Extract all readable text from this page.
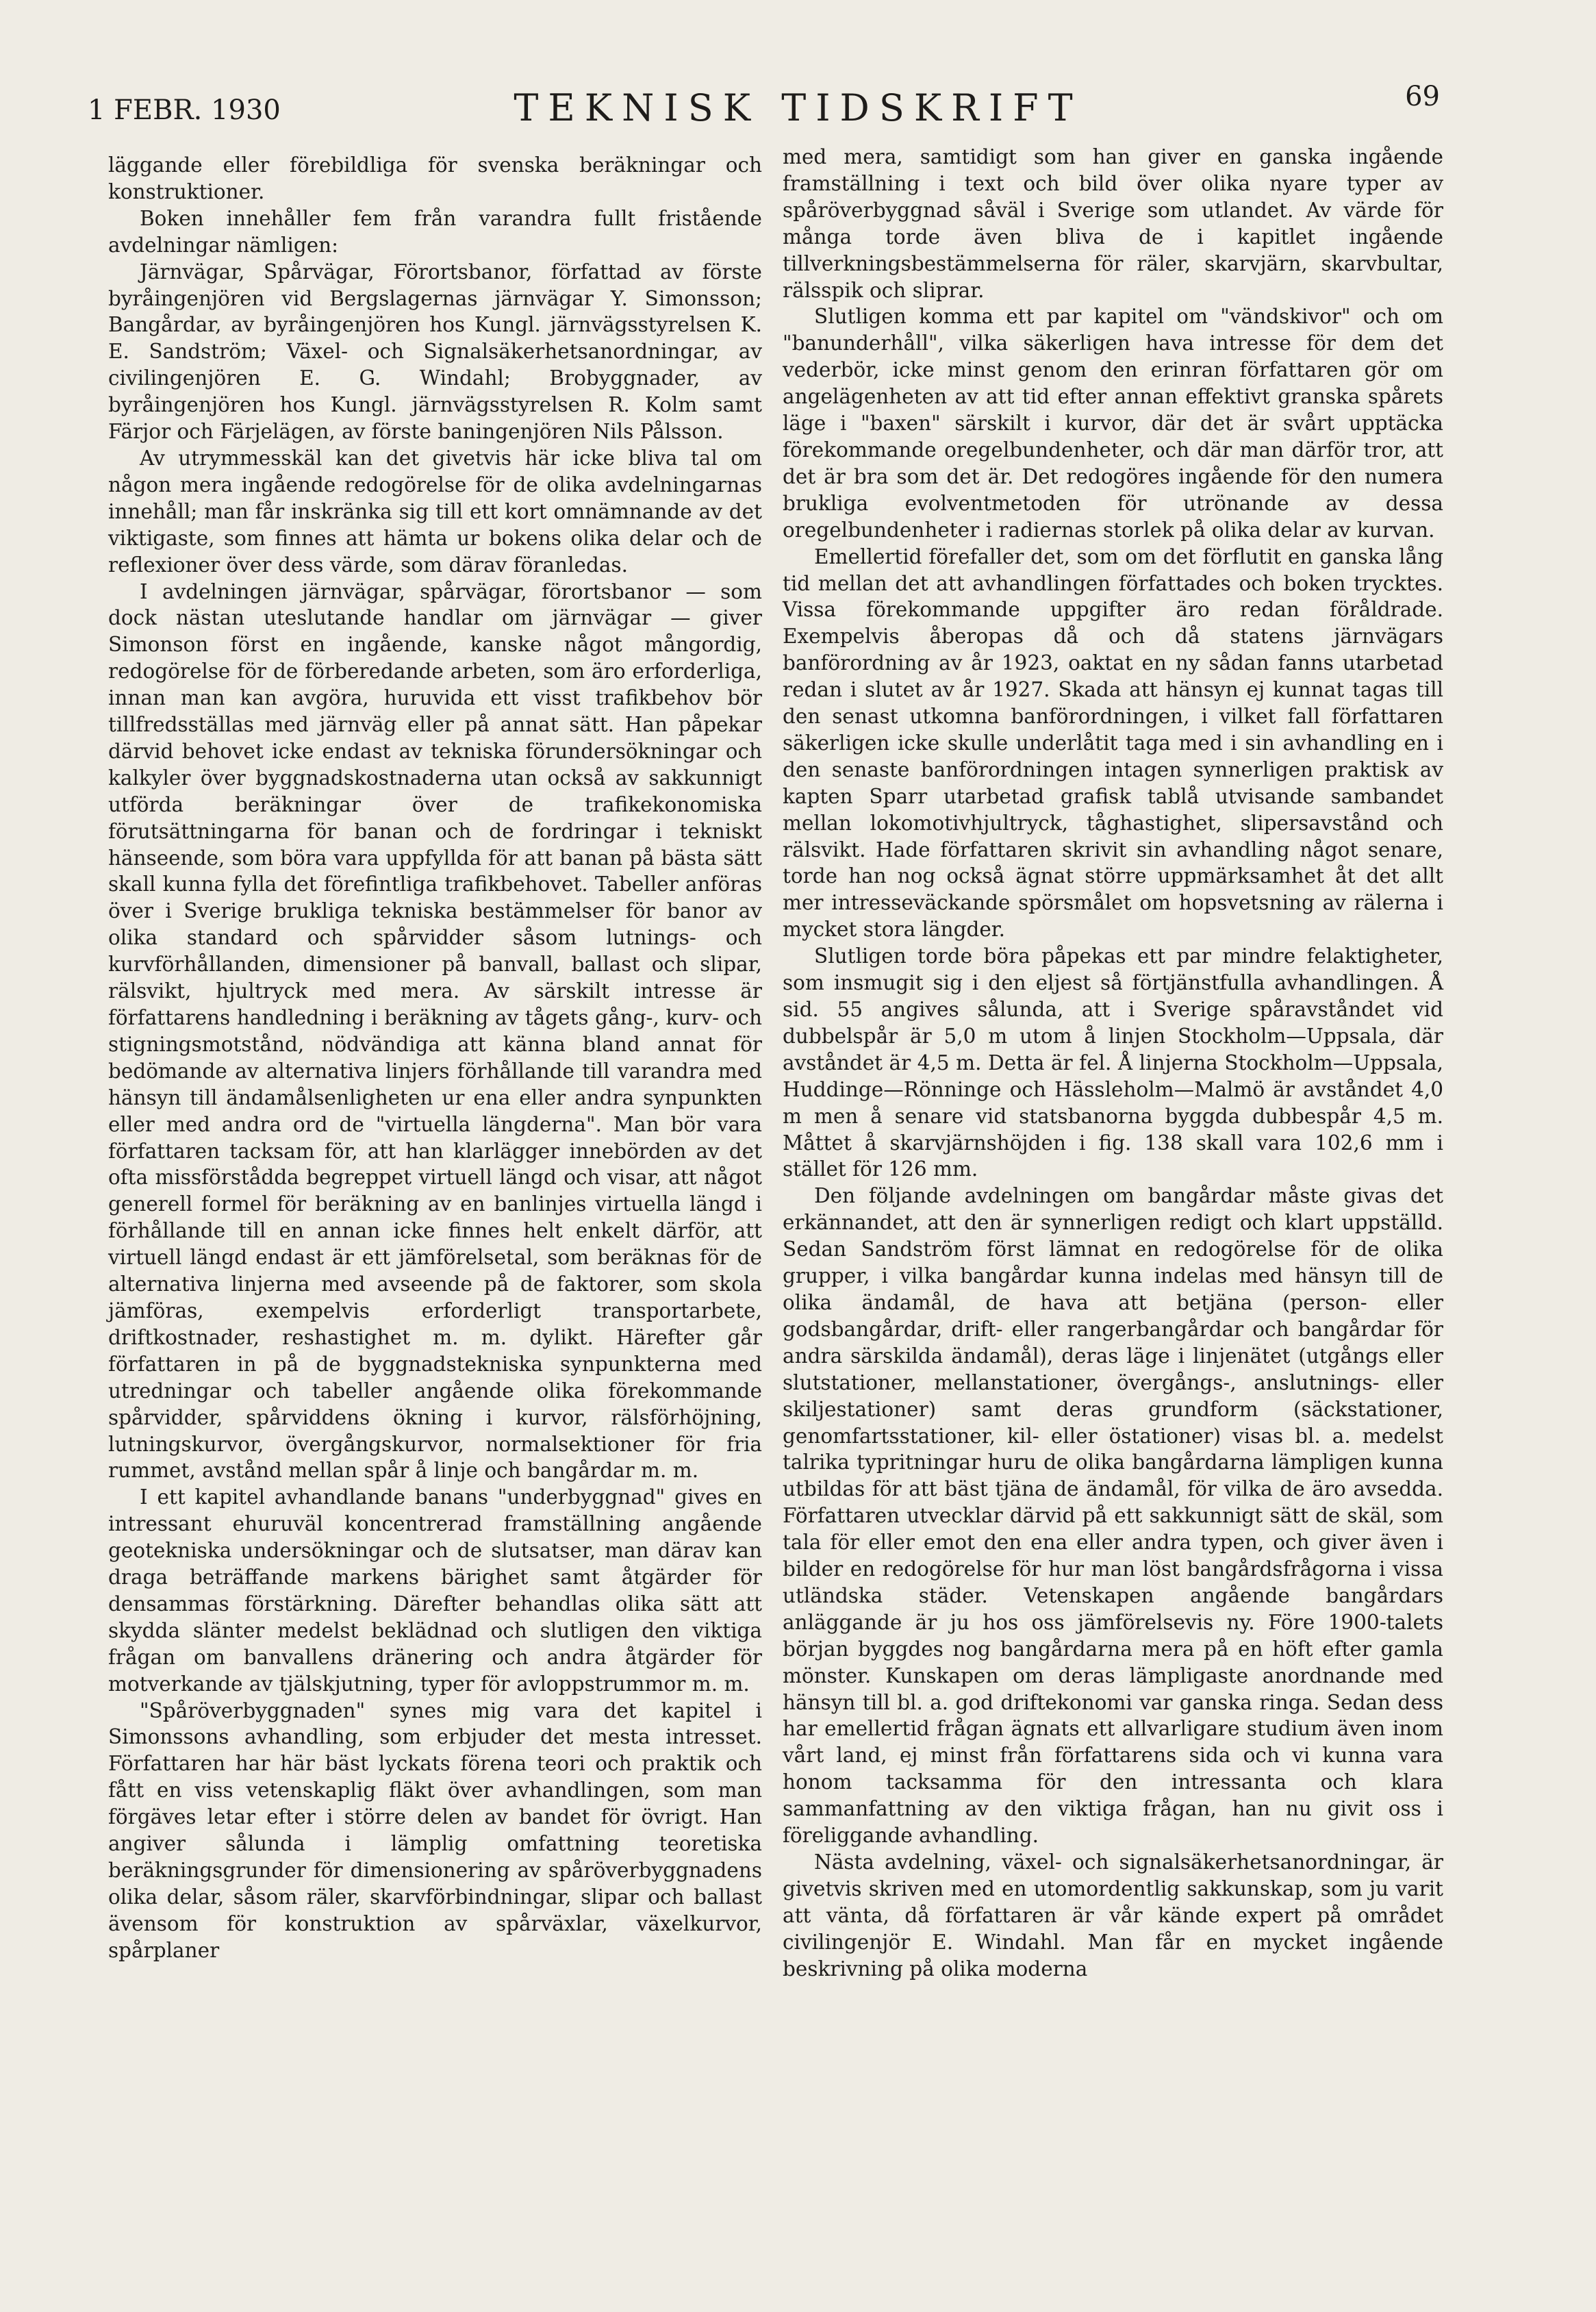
1 FEBR. 1930	TEKNISK TIDSKRIFT	69

läggande eller förebildliga för svenska beräkningar och konstruktioner.

Boken innehåller fem från varandra fullt fristående avdelningar nämligen:

Järnvägar, Spårvägar, Förortsbanor, författad av förste byråingenjören vid Bergslagernas järnvägar Y. Simonsson; Bangårdar, av byråingenjören hos Kungl. järnvägsstyrelsen K. E. Sandström; Växel- och Signalsäkerhetsanordningar, av civilingenjören E. G. Windahl; Brobyggnader, av byråingenjören hos Kungl. järnvägsstyrelsen R. Kolm samt Färjor och Färjelägen, av förste baningenjören Nils Pålsson.

Av utrymmesskäl kan det givetvis här icke bliva tal om någon mera ingående redogörelse för de olika avdelningarnas innehåll; man får inskränka sig till ett kort omnämnande av det viktigaste, som finnes att hämta ur bokens olika delar och de reflexioner över dess värde, som därav föranledas.

I avdelningen järnvägar, spårvägar, förortsbanor — som dock nästan uteslutande handlar om järnvägar — giver Simonson först en ingående, kanske något mångordig, redogörelse för de förberedande arbeten, som äro erforderliga, innan man kan avgöra, huruvida ett visst trafikbehov bör tillfredsställas med järnväg eller på annat sätt. Han påpekar därvid behovet icke endast av tekniska förundersökningar och kalkyler över byggnadskostnaderna utan också av sakkunnigt utförda beräkningar över de trafikekonomiska förutsättningarna för banan och de fordringar i tekniskt hänseende, som böra vara uppfyllda för att banan på bästa sätt skall kunna fylla det förefintliga trafikbehovet. Tabeller anföras över i Sverige brukliga tekniska bestämmelser för banor av olika standard och spårvidder såsom lutnings- och kurvförhållanden, dimensioner på banvall, ballast och slipar, rälsvikt, hjultryck med mera. Av särskilt intresse är författarens handledning i beräkning av tågets gång-, kurv- och stigningsmotstånd, nödvändiga att känna bland annat för bedömande av alternativa linjers förhållande till varandra med hänsyn till ändamålsenligheten ur ena eller andra synpunkten eller med andra ord de "virtuella längderna". Man bör vara författaren tacksam för, att han klarlägger innebörden av det ofta missförstådda begreppet virtuell längd och visar, att något generell formel för beräkning av en banlinjes virtuella längd i förhållande till en annan icke finnes helt enkelt därför, att virtuell längd endast är ett jämförelsetal, som beräknas för de alternativa linjerna med avseende på de faktorer, som skola jämföras, exempelvis erforderligt transportarbete, driftkostnader, reshastighet m. m. dylikt. Härefter går författaren in på de byggnadstekniska synpunkterna med utredningar och tabeller angående olika förekommande spårvidder, spårviddens ökning i kurvor, rälsförhöjning, lutningskurvor, övergångskurvor, normalsektioner för fria rummet, avstånd mellan spår å linje och bangårdar m. m.

I ett kapitel avhandlande banans "underbyggnad" gives en intressant ehuruväl koncentrerad framställning angående geotekniska undersökningar och de slutsatser, man därav kan draga beträffande markens bärighet samt åtgärder för densammas förstärkning. Därefter behandlas olika sätt att skydda slänter medelst beklädnad och slutligen den viktiga frågan om banvallens dränering och andra åtgärder för motverkande av tjälskjutning, typer för avloppstrummor m. m.

"Spåröverbyggnaden" synes mig vara det kapitel i Simonssons avhandling, som erbjuder det mesta intresset. Författaren har här bäst lyckats förena teori och praktik och fått en viss vetenskaplig fläkt över avhandlingen, som man förgäves letar efter i större delen av bandet för övrigt. Han angiver sålunda i lämplig omfattning teoretiska beräkningsgrunder för dimensionering av spåröverbyggnadens olika delar, såsom räler, skarvförbindningar, slipar och ballast ävensom för konstruktion av spårväxlar, växelkurvor, spårplaner

med mera, samtidigt som han giver en ganska ingående framställning i text och bild över olika nyare typer av spåröverbyggnad såväl i Sverige som utlandet. Av värde för många torde även bliva de i kapitlet ingående tillverkningsbestämmelserna för räler, skarvjärn, skarvbultar, rälsspik och sliprar.

Slutligen komma ett par kapitel om "vändskivor" och om "banunderhåll", vilka säkerligen hava intresse för dem det vederbör, icke minst genom den erinran författaren gör om angelägenheten av att tid efter annan effektivt granska spårets läge i "baxen" särskilt i kurvor, där det är svårt upptäcka förekommande oregelbundenheter, och där man därför tror, att det är bra som det är. Det redogöres ingående för den numera brukliga evolventmetoden för utrönande av dessa oregelbundenheter i radiernas storlek på olika delar av kurvan.

Emellertid förefaller det, som om det förflutit en ganska lång tid mellan det att avhandlingen författades och boken trycktes. Vissa förekommande uppgifter äro redan föråldrade. Exempelvis åberopas då och då statens järnvägars banförordning av år 1923, oaktat en ny sådan fanns utarbetad redan i slutet av år 1927. Skada att hänsyn ej kunnat tagas till den senast utkomna banförordningen, i vilket fall författaren säkerligen icke skulle underlåtit taga med i sin avhandling en i den senaste banförordningen intagen synnerligen praktisk av kapten Sparr utarbetad grafisk tablå utvisande sambandet mellan lokomotivhjultryck, tåghastighet, slipersavstånd och rälsvikt. Hade författaren skrivit sin avhandling något senare, torde han nog också ägnat större uppmärksamhet åt det allt mer intresseväckande spörsmålet om hopsvetsning av rälerna i mycket stora längder.

Slutligen torde böra påpekas ett par mindre felaktigheter, som insmugit sig i den eljest så förtjänstfulla avhandlingen. Å sid. 55 angives sålunda, att i Sverige spåravståndet vid dubbelspår är 5,0 m utom å linjen Stockholm—Uppsala, där avståndet är 4,5 m. Detta är fel. Å linjerna Stockholm—Uppsala, Huddinge—Rönninge och Hässleholm—Malmö är avståndet 4,0 m men å senare vid statsbanorna byggda dubbespår 4,5 m. Måttet å skarvjärnshöjden i fig. 138 skall vara 102,6 mm i stället för 126 mm.

Den följande avdelningen om bangårdar måste givas det erkännandet, att den är synnerligen redigt och klart uppställd. Sedan Sandström först lämnat en redogörelse för de olika grupper, i vilka bangårdar kunna indelas med hänsyn till de olika ändamål, de hava att betjäna (person- eller godsbangårdar, drift- eller rangerbangårdar och bangårdar för andra särskilda ändamål), deras läge i linjenätet (utgångs eller slutstationer, mellanstationer, övergångs-, anslutnings- eller skiljestationer) samt deras grundform (säckstationer, genomfartsstationer, kil- eller östationer) visas bl. a. medelst talrika typritningar huru de olika bangårdarna lämpligen kunna utbildas för att bäst tjäna de ändamål, för vilka de äro avsedda. Författaren utvecklar därvid på ett sakkunnigt sätt de skäl, som tala för eller emot den ena eller andra typen, och giver även i bilder en redogörelse för hur man löst bangårdsfrågorna i vissa utländska städer. Vetenskapen angående bangårdars anläggande är ju hos oss jämförelsevis ny. Före 1900-talets början byggdes nog bangårdarna mera på en höft efter gamla mönster. Kunskapen om deras lämpligaste anordnande med hänsyn till bl. a. god driftekonomi var ganska ringa. Sedan dess har emellertid frågan ägnats ett allvarligare studium även inom vårt land, ej minst från författarens sida och vi kunna vara honom tacksamma för den intressanta och klara sammanfattning av den viktiga frågan, han nu givit oss i föreliggande avhandling.

Nästa avdelning, växel- och signalsäkerhetsanordningar, är givetvis skriven med en utomordentlig sakkunskap, som ju varit att vänta, då författaren är vår kände expert på området civilingenjör E. Windahl. Man får en mycket ingående beskrivning på olika moderna
